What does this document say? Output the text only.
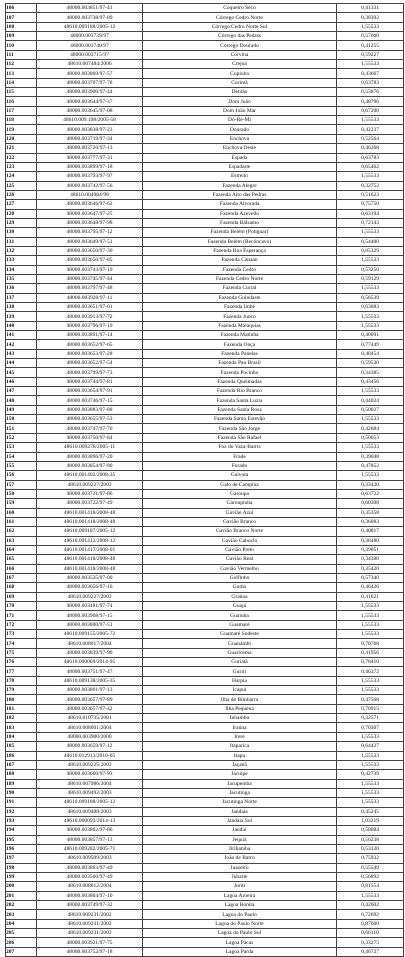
106	48000.003851/97-41	Coqueiro Seco	0,41331
107	48000.003738/97-89	Córrego Cedro Norte	0,38392
108	48610.009188/2005-12	Córrego Cedro Norte Sul	1,55533
109	48000.003739/97	Córrego das Pedras	0,57060
110	48000.003740/97	Córrego Dourado	0,41255
111	48000.003715/97	Corvina	0,59227
112	48610.007484/2006	Crejoá	1,55533
113	48000.003869/97-57	Cupiuba	0,43667
114	48000.003707/97-78	Curimã	0,63783
115	48000.003900/97-44	Dentão	0,53876
116	48000.003644/97-37	Dom João	0,48706
117	48000.003645/97-08	Dom João Mar	0,67200
118	48610.009.198/2005-58	Dó-Ré-Mi	1,55533
119	48000.003838/97-23	Dourado	0,42237
120	48000.003719/97-34	Enchova	0,52564
121	48000.003720/97-13	Enchova Oeste	0,46268
122	48000.003777/97-31	Espada	0,63783
123	48000.003899/97-18	Espadarte	0,65462
124	48000.003793/97-97	Estreito	1,55533
125	48000.003742/97-56	Fazenda Alegre	0,32752
126	48610.004004/98	Fazenda Alto das Pedras	0,51623
127	48000.003646/97-62	Fazenda Alvorada	0,75750
128	48000.003647/97-25	Fazenda Azevedo	0,63194
129	48000.003648/97-98	Fazenda Bálsamo	0,72143
130	48000.003795/97-12	Fazenda Belém (Potiguar)	1,55533
131	48000.003649/97-51	Fazenda Belém (Recôncavo)	0,54400
132	48000.003650/97-30	Fazenda Boa Esperança	0,85329
133	48000.003650/97-85	Fazenda Canaan	1,55533
134	48000.003743/97-19	Fazenda Cedro	0,53250
135	48000.003745/97-44	Fazenda Cedro Norte	0,59129
136	48000.003797/97-48	Fazenda Curral	1,55533
137	48000.003920/97-11	Fazenda Guindaste	0,56539
138	48000.003651/97-01	Fazenda Imbé	0,63683
139	48000.003913/97-72	Fazenda Junco	1,55533
140	48000.003796/97-19	Fazenda Malaquias	1,55533
141	48000.003891/97-14	Fazenda Matinha	0,40091
142	48000.003652/97-65	Fazenda Onça	0,77449
143	48000.003653/97-28	Fazenda Panelas	0,48454
144	48000.003652/97-54	Fazenda Pau Brasil	0,59530
145	48000.003799/97-73	Fazenda Pocinho	0,34385
146	48000.003744/97-81	Fazenda Queimadas	0,43456
147	48000.003654/97-91	Fazenda Rio Branco	1,55533
148	48000.003746/97-15	Fazenda Santa Luzia	0,44024
149	48000.003883/97-88	Fazenda Santa Rosa	0,50027
150	48000.003655/97-53	Fazenda Santo Estevão	1,55533
151	48000.003747/97-70	Fazenda São Jorge	0,42684
152	48000.003750/97-84	Fazenda São Rafael	0,50053
153	48610.009276/2005-11	Foz do Vaza-Barris	1,55533
154	48000.003896/97-20	Frade	0,39048
155	48000.003854/97-80	Furado	0,47852
156	48610.001402/2008-35	Gaivota	1,55533
157	48610.009227/2002	Galo de Campina	0,33420
158	48000.003721/97-86	Garoupa	0,63722
159	48000.003722/97-49	Garoupinha	0,60308
160	48610.001418/2008-48	Gavião Azul	0,35358
161	48610.001418/2008-48	Gavião Branco	0,36083
162	48610.009187/2005-12	Gavião Branco Norte	0,40817
163	48610.001412/2008-12	Gavião Caboclo	0,38480
164	48610.001417/2008-01	Gavião Preto	0,39051
165	48610.001418/2008-48	Gavião Real	0,34380
166	48610.001418/2008-48	Gavião Vermelho	0,35420
167	48000.003535/97-00	Golfinho	0,57340
168	48000.003656/97-16	Gomo	0,46426
169	48610.009227/2002	Graúna	0,41621
170	48000.003481/97-74	Guajá	1,55533
171	48000.003908/97-15	Guaiuba	1,55533
172	48000.003800/97-51	Guamaré	1,55533
173	48610.009155/2005-72	Guamaré Sudeste	1,55533
174	48610.008017/2004	Guanambi	0,70768
175	48000.003839/97-96	Guaricema	0,41956
176	48610.000069/2014-95	Guriatã	0,78410
177	48000.003751/97-47	Guriri	0,46372
178	48610.009138/2005-35	Harpia	1,55533
179	48000.003801/97-13	Icapuí	1,55533
180	48000.003657/97-89	Ilha de Bimbarra	0,47568
181	48000.003657/97-42	Ilha Pequena	0,70915
182	48610.010735/2001	Inhambu	0,32571
183	48610.008001/2004	Iraúna	0,70307
184	48000.003900/2000	Ireré	1,55533
185	48000.003659/97-12	Itaparica	0,64427
186	48610.012913/2010-05	Itapu	1,55533
187	48610.009225/2002	Jaçanã	1,55533
188	48000.003660/97-93	Jacuipe	0,42739
189	48610.007986/2004	Jacupemba	1,55533
190	48610.009492/2003	Jacutinga	1,55533
191	48610.009188/2005-12	Jacutinga Norte	1,55533
192	48610.009488/2003	Jandaia	0,45245
193	48610.000093/2014-13	Jandaia Sul	1,03219
194	48000.003802/97-86	Jandui	0,58084
195	48000.003857/97-13	Jequiá	0,56238
196	48610.009282/2005-71	Jiribatuba	0,53120
197	48610.009509/2003	João de Barro	0,75932
198	48000.003803/97-49	Juazeiro	0,55549
199	48000.003560/97-49	Jubarte	0,56892
200	48610.008012/2004	Juriti	0,81554
201	48000.003804/97-10	Lagoa Aroeira	1,55533
202	48000.003749/97-32	Lagoa Bonita	0,42602
203	48610.009231/2002	Lagoa do Paulo	0,72692
204	48610.009231/2002	Lagoa do Paulo Norte	0,87600
205	48610.009231/2002	Lagoa do Paulo Sul	0,66110
206	48000.003921/97-75	Lagoa Pacas	0,33275
207	48000.003752/97-18	Lagoa Parda	0,46727
